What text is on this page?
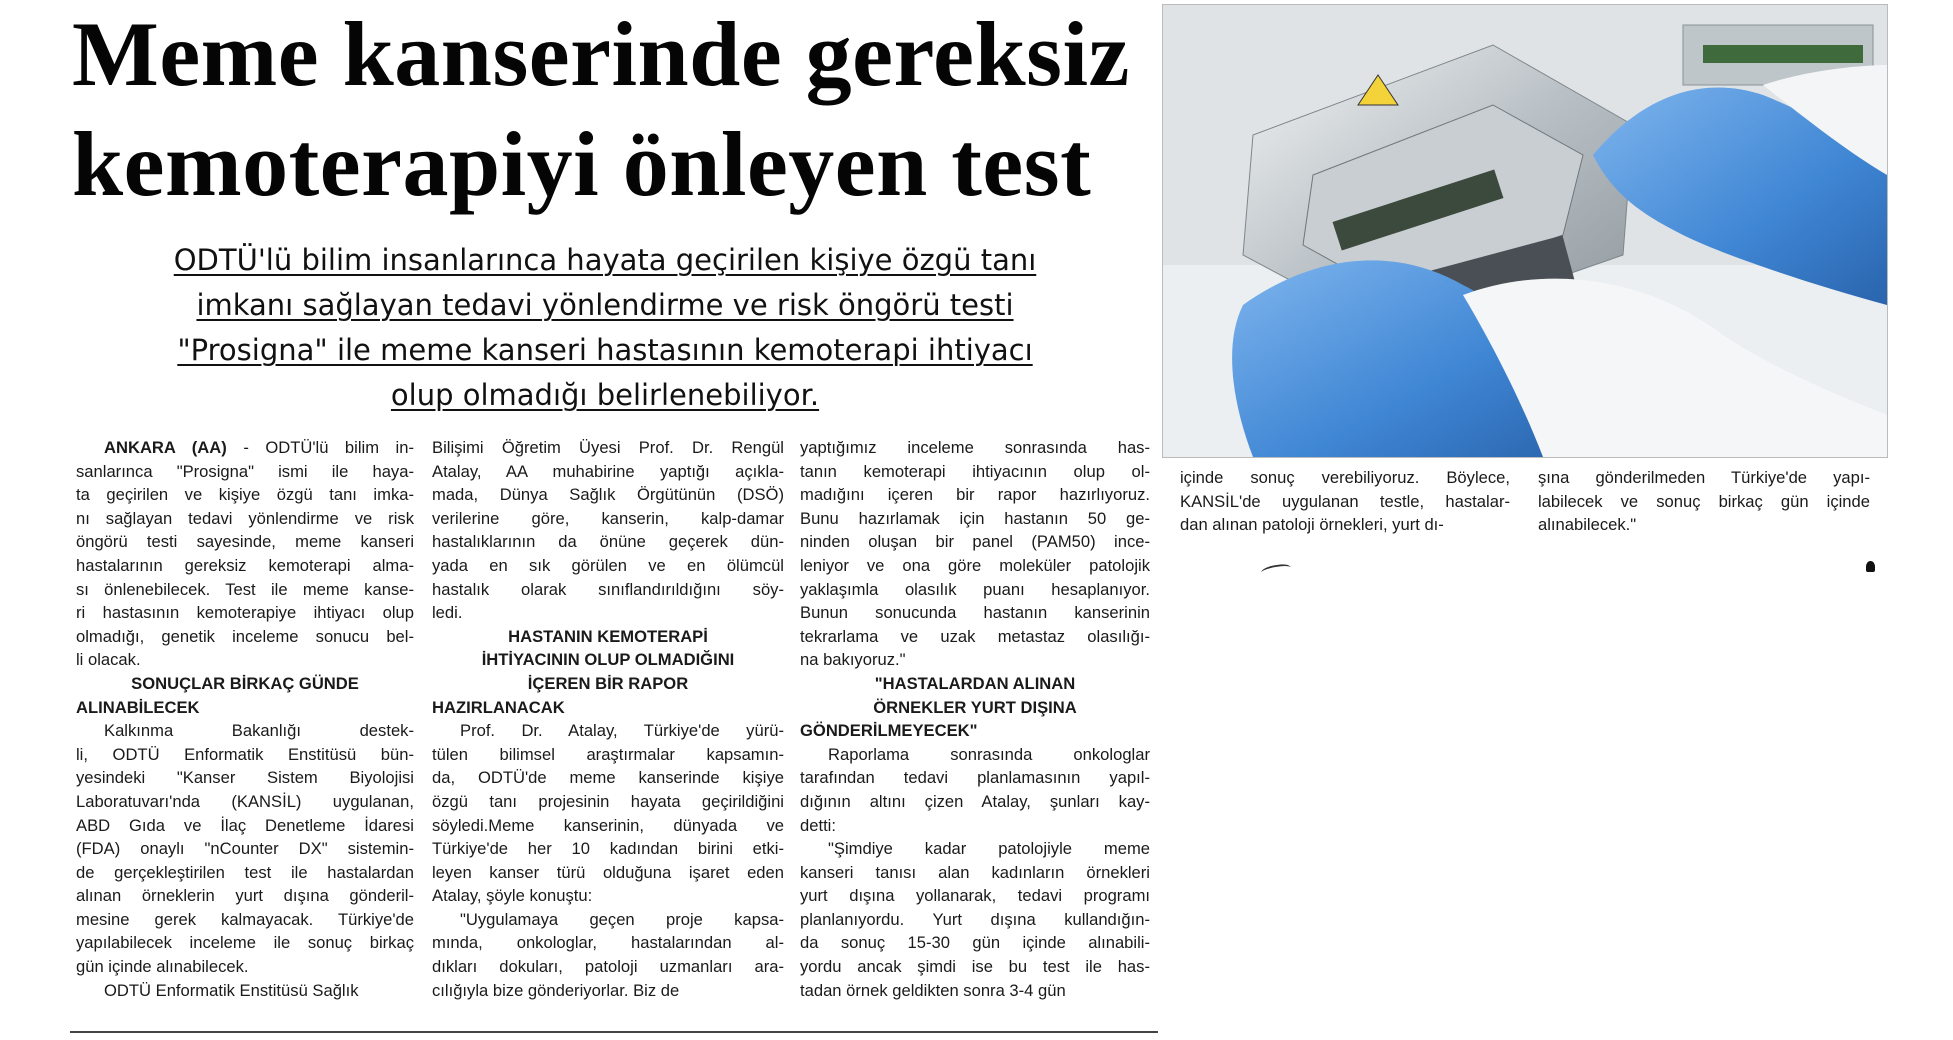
Meme kanserinde gereksiz
kemoterapiyi önleyen test
ODTÜ'lü bilim insanlarınca hayata geçirilen kişiye özgü tanı
imkanı sağlayan tedavi yönlendirme ve risk öngörü testi
"Prosigna" ile meme kanseri hastasının kemoterapi ihtiyacı
olup olmadığı belirlenebiliyor.
ANKARA (AA) - ODTÜ'lü bilim in-
sanlarınca "Prosigna" ismi ile haya-
ta geçirilen ve kişiye özgü tanı imka-
nı sağlayan tedavi yönlendirme ve risk
öngörü testi sayesinde, meme kanseri
hastalarının gereksiz kemoterapi alma-
sı önlenebilecek. Test ile meme kanse-
ri hastasının kemoterapiye ihtiyacı olup
olmadığı, genetik inceleme sonucu bel-
li olacak.
SONUÇLAR BİRKAÇ GÜNDE
ALINABİLECEK
Kalkınma Bakanlığı destek-
li, ODTÜ Enformatik Enstitüsü bün-
yesindeki "Kanser Sistem Biyolojisi
Laboratuvarı'nda (KANSİL) uygulanan,
ABD Gıda ve İlaç Denetleme İdaresi
(FDA) onaylı "nCounter DX" sistemin-
de gerçekleştirilen test ile hastalardan
alınan örneklerin yurt dışına gönderil-
mesine gerek kalmayacak. Türkiye'de
yapılabilecek inceleme ile sonuç birkaç
gün içinde alınabilecek.
ODTÜ Enformatik Enstitüsü Sağlık
Bilişimi Öğretim Üyesi Prof. Dr. Rengül
Atalay, AA muhabirine yaptığı açıkla-
mada, Dünya Sağlık Örgütünün (DSÖ)
verilerine göre, kanserin, kalp-damar
hastalıklarının da önüne geçerek dün-
yada en sık görülen ve en ölümcül
hastalık olarak sınıflandırıldığını söy-
ledi.
HASTANIN KEMOTERAPİ
İHTİYACININ OLUP OLMADIĞINI
İÇEREN BİR RAPOR
HAZIRLANACAK
Prof. Dr. Atalay, Türkiye'de yürü-
tülen bilimsel araştırmalar kapsamın-
da, ODTÜ'de meme kanserinde kişiye
özgü tanı projesinin hayata geçirildiğini
söyledi.Meme kanserinin, dünyada ve
Türkiye'de her 10 kadından birini etki-
leyen kanser türü olduğuna işaret eden
Atalay, şöyle konuştu:
"Uygulamaya geçen proje kapsa-
mında, onkologlar, hastalarından al-
dıkları dokuları, patoloji uzmanları ara-
cılığıyla bize gönderiyorlar. Biz de
yaptığımız inceleme sonrasında has-
tanın kemoterapi ihtiyacının olup ol-
madığını içeren bir rapor hazırlıyoruz.
Bunu hazırlamak için hastanın 50 ge-
ninden oluşan bir panel (PAM50) ince-
leniyor ve ona göre moleküler patolojik
yaklaşımla olasılık puanı hesaplanıyor.
Bunun sonucunda hastanın kanserinin
tekrarlama ve uzak metastaz olasılığı-
na bakıyoruz."
"HASTALARDAN ALINAN
ÖRNEKLER YURT DIŞINA
GÖNDERİLMEYECEK"
Raporlama sonrasında onkologlar
tarafından tedavi planlamasının yapıl-
dığının altını çizen Atalay, şunları kay-
detti:
"Şimdiye kadar patolojiyle meme
kanseri tanısı alan kadınların örnekleri
yurt dışına yollanarak, tedavi programı
planlanıyordu. Yurt dışına kullandığın-
da sonuç 15-30 gün içinde alınabili-
yordu ancak şimdi ise bu test ile has-
tadan örnek geldikten sonra 3-4 gün
içinde sonuç verebiliyoruz. Böylece,
KANSİL'de uygulanan testle, hastalar-
dan alınan patoloji örnekleri, yurt dı-
şına gönderilmeden Türkiye'de yapı-
labilecek ve sonuç birkaç gün içinde
alınabilecek."
